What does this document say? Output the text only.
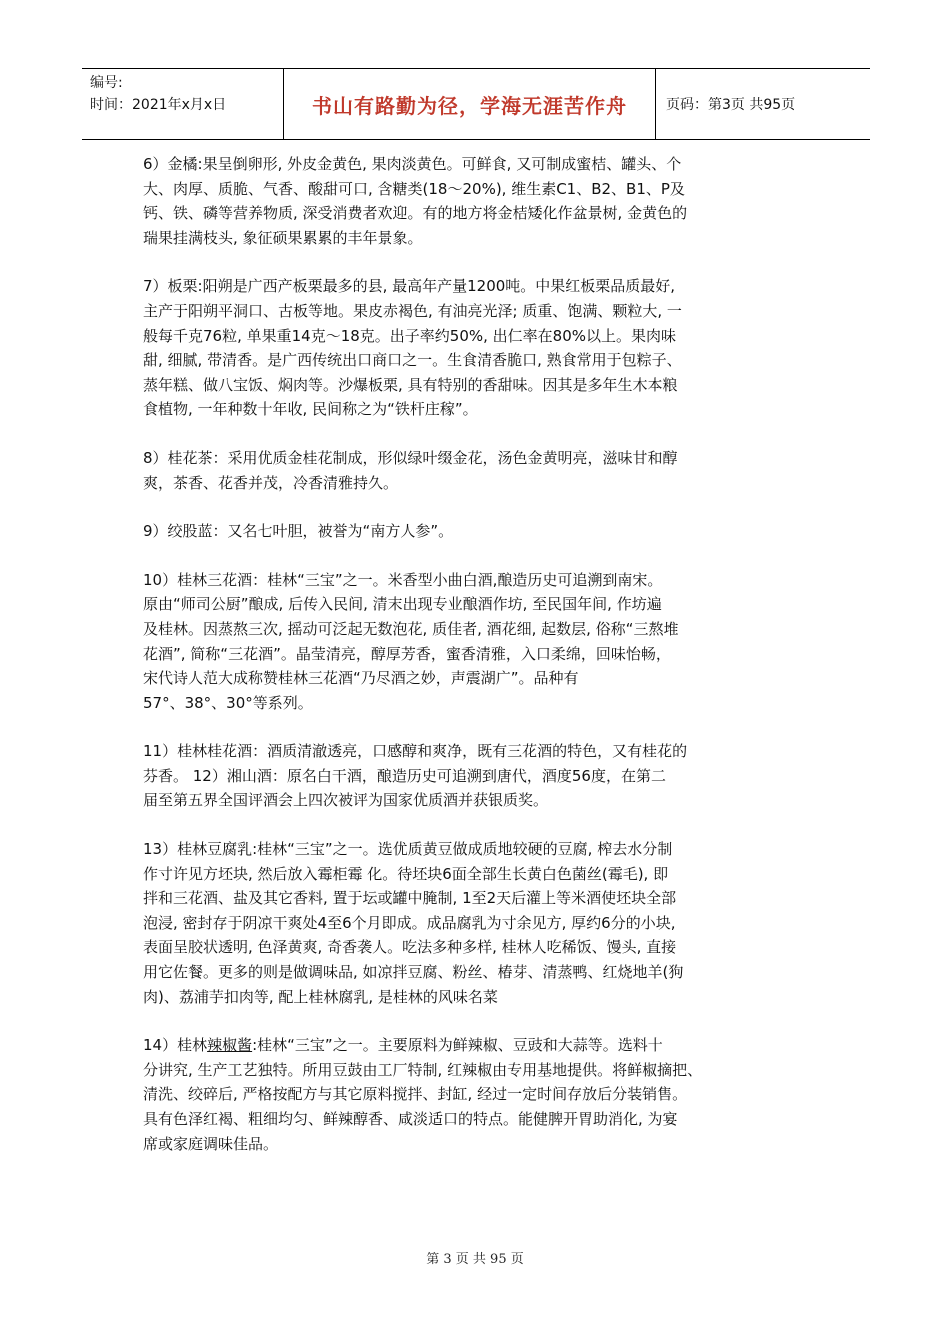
编号:
时间：2021年x月x日	书山有路勤为径，学海无涯苦作舟	页码：第3页 共95页

6）金橘:果呈倒卵形, 外皮金黄色, 果肉淡黄色。可鲜食, 又可制成蜜桔、罐头、个
大、肉厚、质脆、气香、酸甜可口, 含糖类(18～20%), 维生素C1、B2、B1、P及
钙、铁、磷等营养物质, 深受消费者欢迎。有的地方将金桔矮化作盆景树, 金黄色的
瑞果挂满枝头, 象征硕果累累的丰年景象。

7）板栗:阳朔是广西产板栗最多的县, 最高年产量1200吨。中果红板栗品质最好,
主产于阳朔平洞口、古板等地。果皮赤褐色, 有油亮光泽; 质重、饱满、颗粒大, 一
般每千克76粒, 单果重14克～18克。出子率约50%, 出仁率在80%以上。果肉味
甜, 细腻, 带清香。是广西传统出口商口之一。生食清香脆口, 熟食常用于包粽子、
蒸年糕、做八宝饭、焖肉等。沙爆板栗, 具有特别的香甜味。因其是多年生木本粮
食植物, 一年种数十年收, 民间称之为“铁杆庄稼”。

8）桂花茶：采用优质金桂花制成，形似绿叶缀金花，汤色金黄明亮，滋味甘和醇
爽，茶香、花香并茂，冷香清雅持久。

9）绞股蓝：又名七叶胆，被誉为“南方人参”。

10）桂林三花酒：桂林“三宝”之一。米香型小曲白酒,酿造历史可追溯到南宋。
原由“师司公厨”酿成, 后传入民间, 清末出现专业酿酒作坊, 至民国年间, 作坊遍
及桂林。因蒸熬三次, 摇动可泛起无数泡花, 质佳者, 酒花细, 起数层, 俗称“三熬堆
花酒”, 简称“三花酒”。晶莹清亮，醇厚芳香，蜜香清雅，入口柔绵，回味怡畅，
宋代诗人范大成称赞桂林三花酒“乃尽酒之妙，声震湖广”。品种有
57°、38°、30°等系列。

11）桂林桂花酒：酒质清澈透亮，口感醇和爽净，既有三花酒的特色，又有桂花的
芬香。 12）湘山酒：原名白干酒，酿造历史可追溯到唐代，酒度56度，在第二
届至第五界全国评酒会上四次被评为国家优质酒并获银质奖。

13）桂林豆腐乳:桂林“三宝”之一。选优质黄豆做成质地较硬的豆腐, 榨去水分制
作寸许见方坯块, 然后放入霉柜霉 化。待坯块6面全部生长黄白色菌丝(霉毛), 即
拌和三花酒、盐及其它香料, 置于坛或罐中腌制, 1至2天后灌上等米酒使坯块全部
泡浸, 密封存于阴凉干爽处4至6个月即成。成品腐乳为寸余见方, 厚约6分的小块,
表面呈胶状透明, 色泽黄爽, 奇香袭人。吃法多种多样, 桂林人吃稀饭、馒头, 直接
用它佐餐。更多的则是做调味品, 如凉拌豆腐、粉丝、椿芽、清蒸鸭、红烧地羊(狗
肉)、荔浦芋扣肉等, 配上桂林腐乳, 是桂林的风味名菜

14）桂林辣椒酱:桂林“三宝”之一。主要原料为鲜辣椒、豆豉和大蒜等。选料十
分讲究, 生产工艺独特。所用豆鼓由工厂特制, 红辣椒由专用基地提供。将鲜椒摘把、
清洗、绞碎后, 严格按配方与其它原料搅拌、封缸, 经过一定时间存放后分装销售。
具有色泽红褐、粗细均匀、鲜辣醇香、咸淡适口的特点。能健脾开胃助消化, 为宴
席或家庭调味佳品。

第 3 页 共 95 页
